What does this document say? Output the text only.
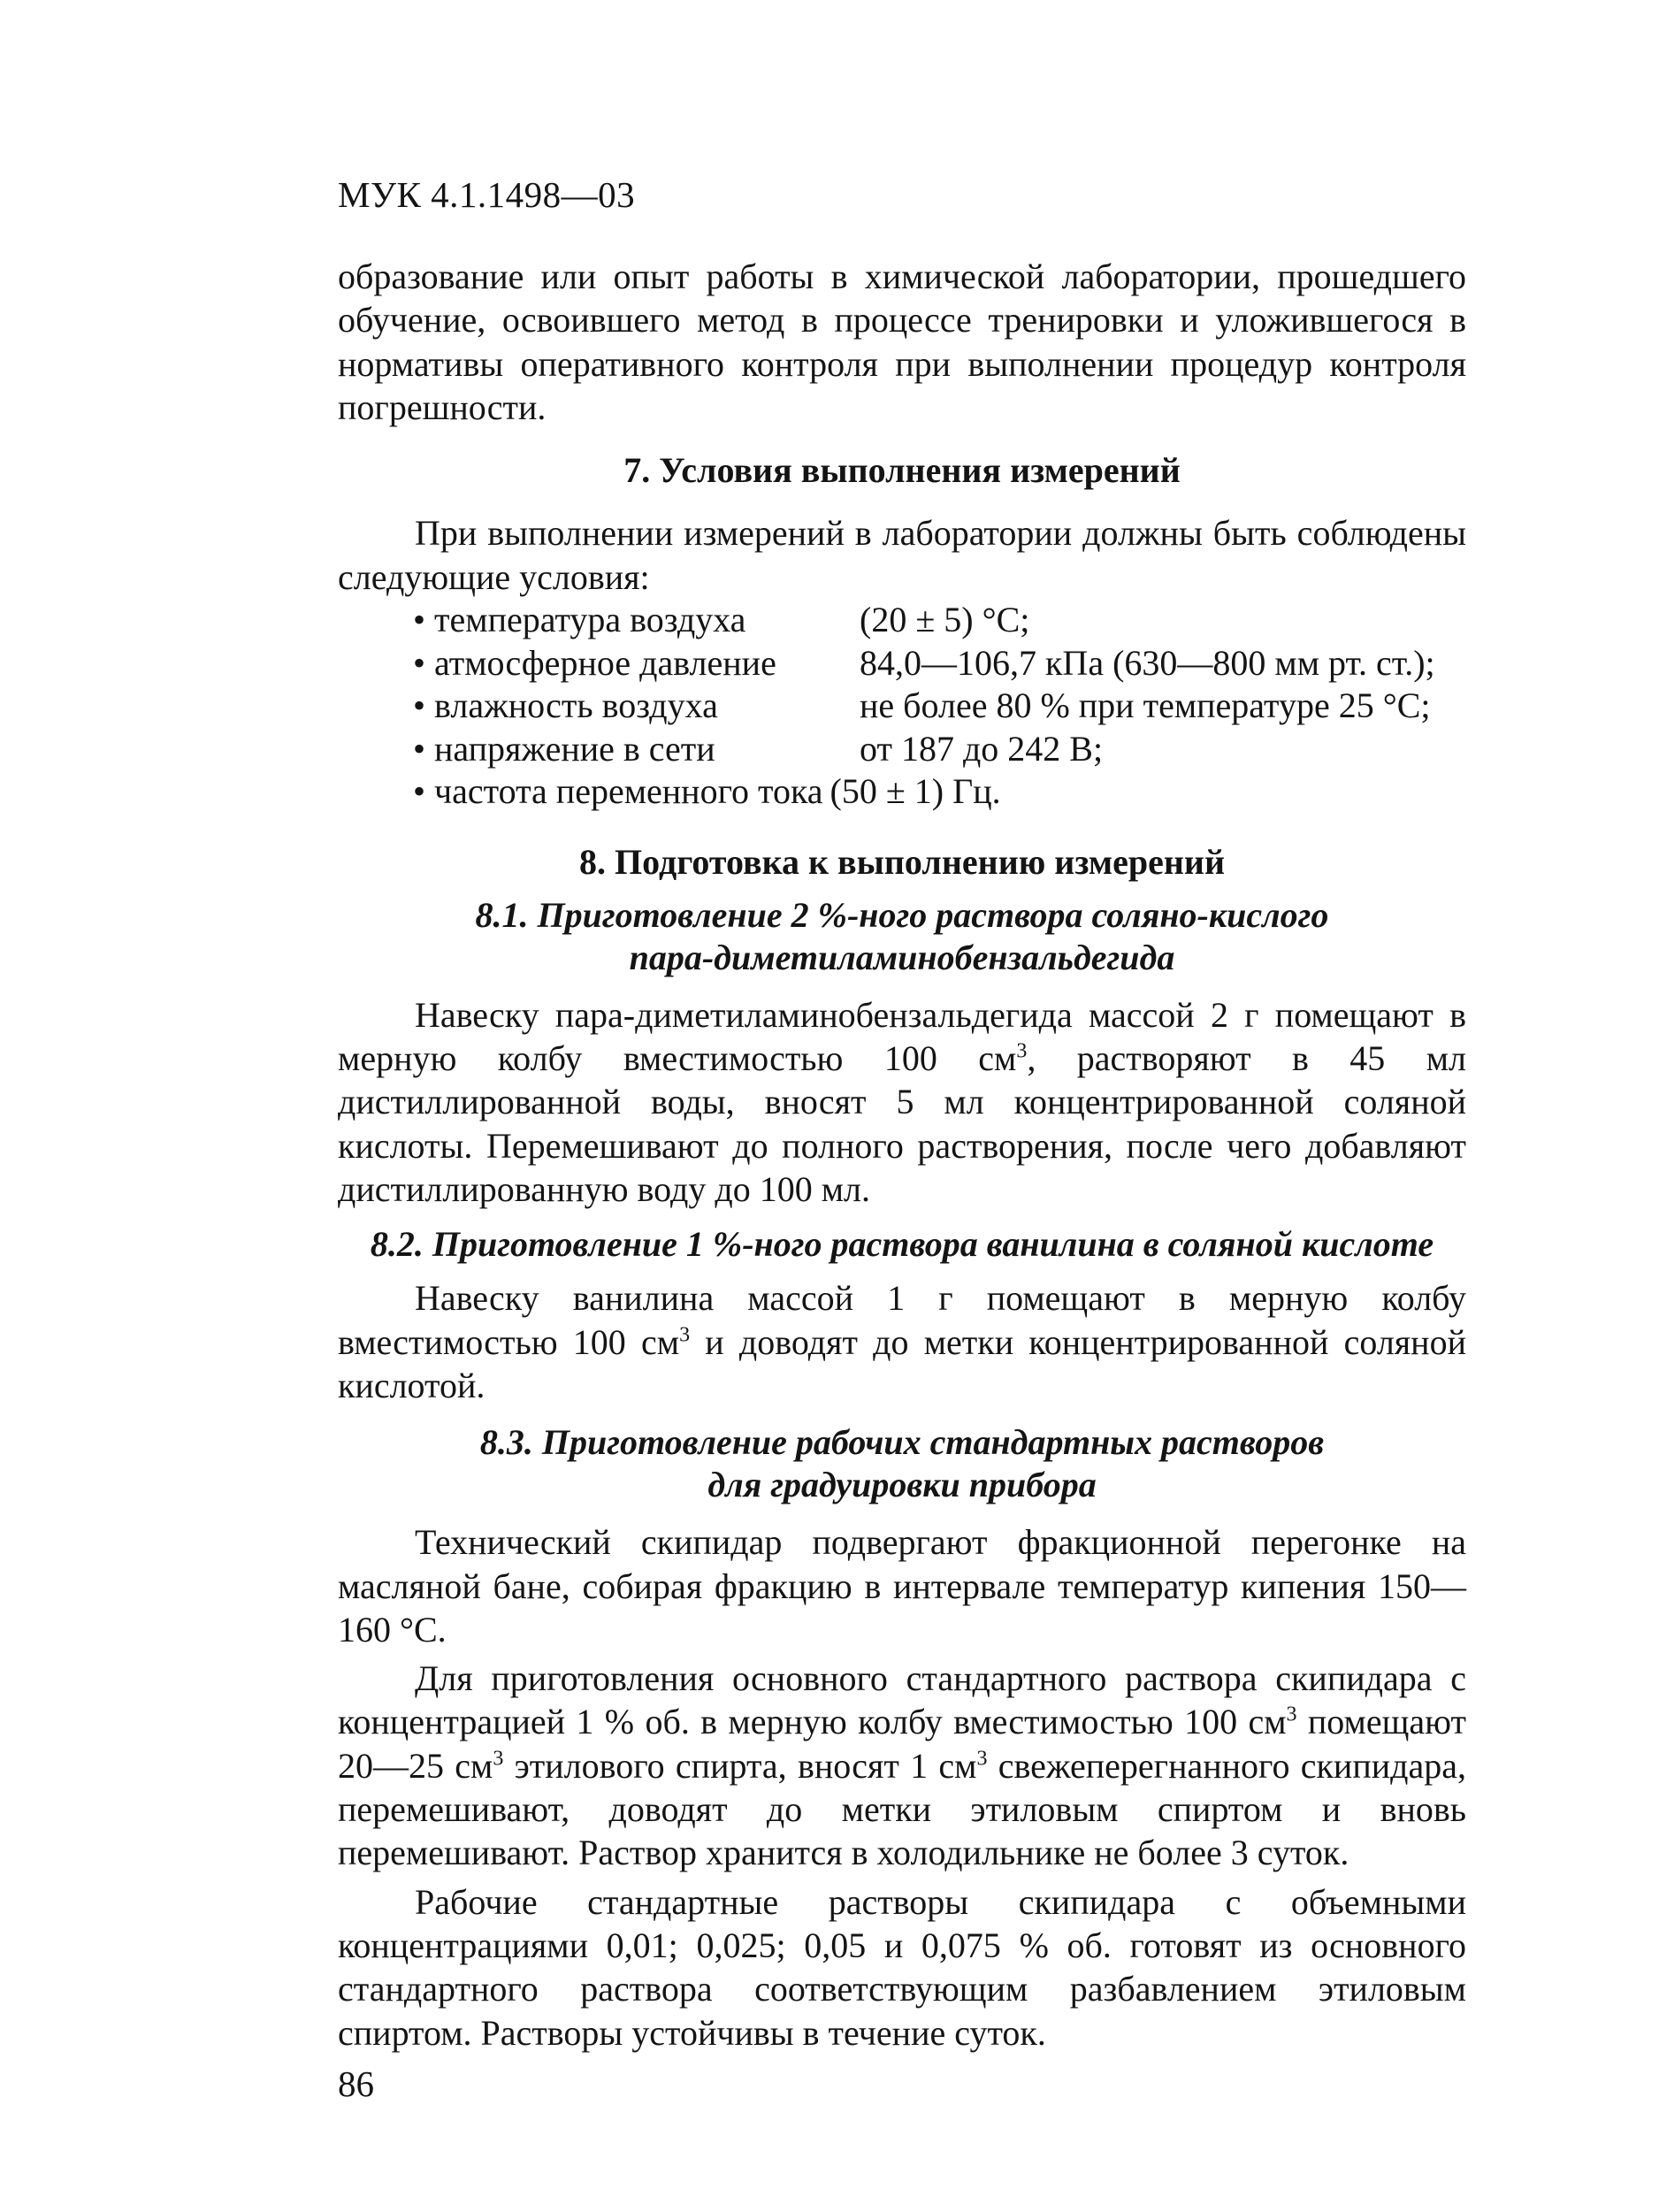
МУК 4.1.1498—03

образование или опыт работы в химической лаборатории, прошедшего обучение, освоившего метод в процессе тренировки и уложившегося в нормативы оперативного контроля при выполнении процедур контроля погрешности.

7. Условия выполнения измерений

При выполнении измерений в лаборатории должны быть соблюдены следующие условия:

• температура воздуха	(20 ± 5) °С;
• атмосферное давление	84,0—106,7 кПа (630—800 мм рт. ст.);
• влажность воздуха	не более 80 % при температуре 25 °С;
• напряжение в сети	от 187 до 242 В;
• частота переменного тока (50 ± 1) Гц.
8. Подготовка к выполнению измерений
8.1. Приготовление 2 %-ного раствора соляно-кислого
пара-диметиламинобензальдегида

Навеску пара-диметиламинобензальдегида массой 2 г помещают в мерную колбу вместимостью 100 $см^3$, растворяют в 45 мл дистиллированной воды, вносят 5 мл концентрированной соляной кислоты. Перемешивают до полного растворения, после чего добавляют дистиллированную воду до 100 мл.

8.2. Приготовление 1 %-ного раствора ванилина в соляной кислоте

Навеску ванилина массой 1 г помещают в мерную колбу вместимостью 100 $см^3$ и доводят до метки концентрированной соляной кислотой.

8.3. Приготовление рабочих стандартных растворов
для градуировки прибора

Технический скипидар подвергают фракционной перегонке на масляной бане, собирая фракцию в интервале температур кипения 150—160 °С.

Для приготовления основного стандартного раствора скипидара с концентрацией 1 % об. в мерную колбу вместимостью 100 $см^3$ помещают 20—25 $см^3$ этилового спирта, вносят 1 $см^3$ свежеперегнанного скипидара, перемешивают, доводят до метки этиловым спиртом и вновь перемешивают. Раствор хранится в холодильнике не более 3 суток.

Рабочие стандартные растворы скипидара с объемными концентрациями 0,01; 0,025; 0,05 и 0,075 % об. готовят из основного стандартного раствора соответствующим разбавлением этиловым спиртом. Растворы устойчивы в течение суток.

86
